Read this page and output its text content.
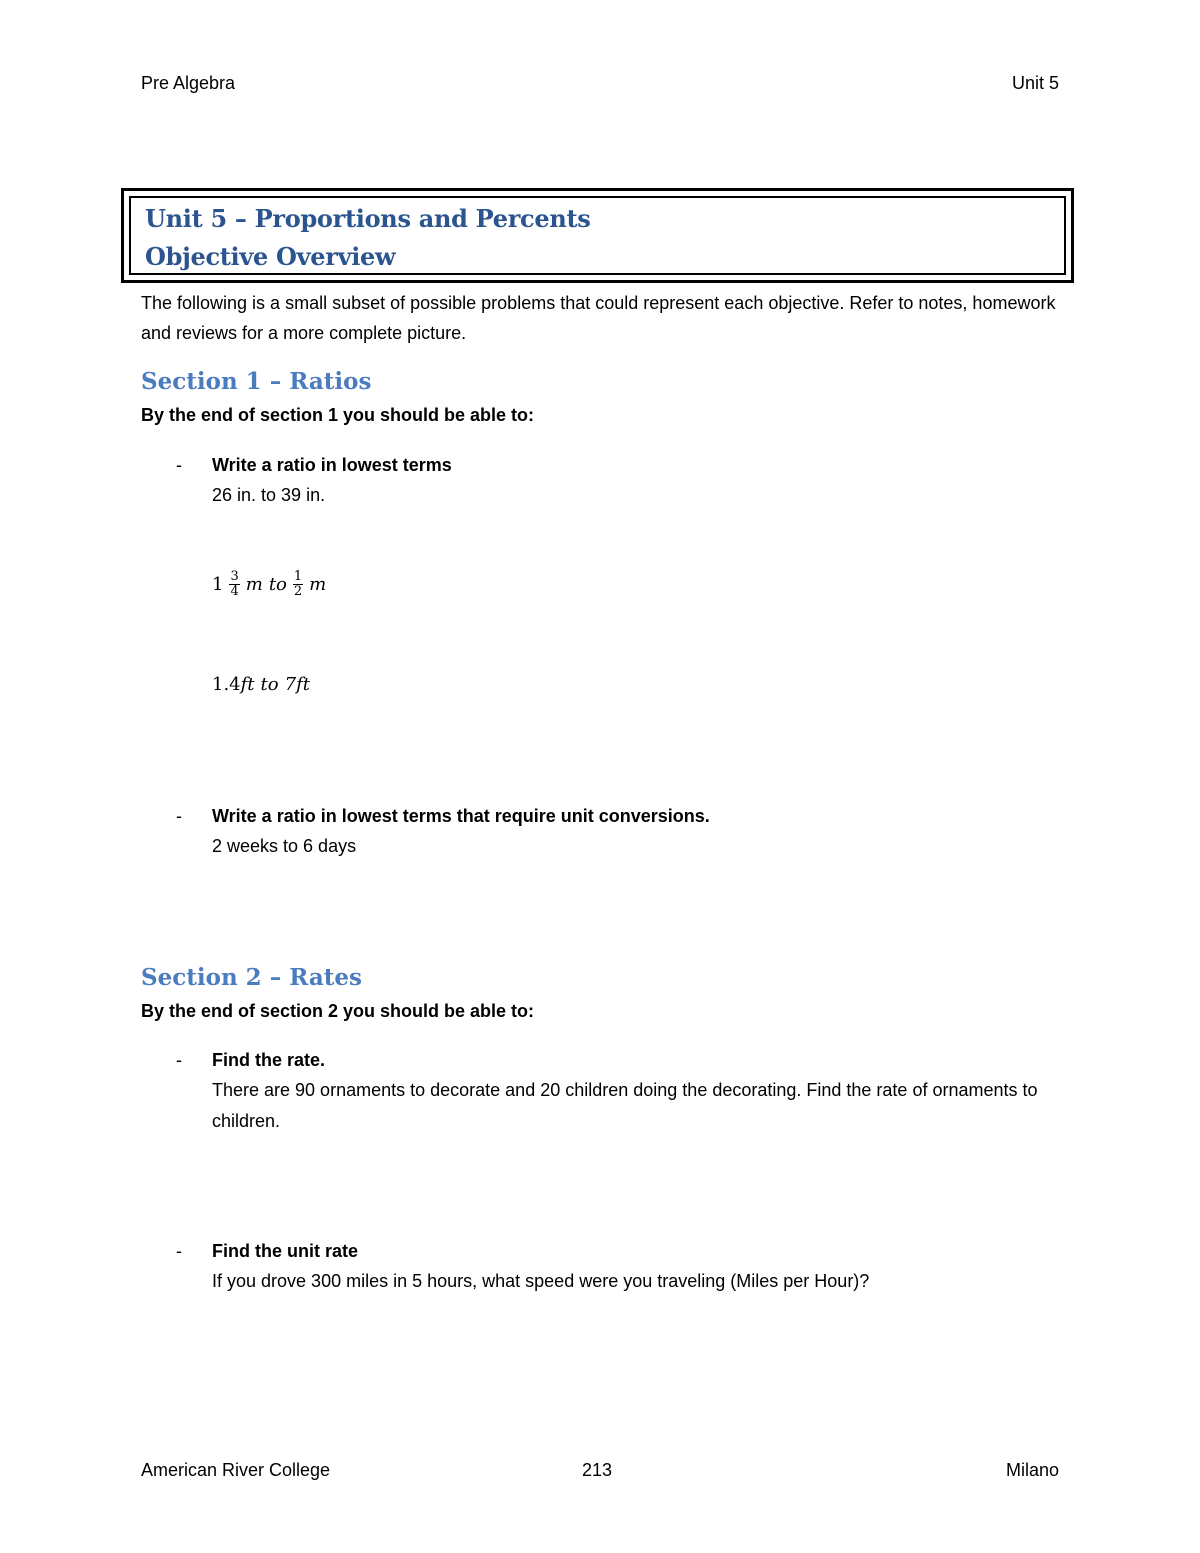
Pre Algebra	Unit 5
Unit 5 – Proportions and Percents
Objective Overview
The following is a small subset of possible problems that could represent each objective. Refer to notes, homework and reviews for a more complete picture.
Section 1 – Ratios
By the end of section 1 you should be able to:
- Write a ratio in lowest terms
26 in. to 39 in.
$1 \frac{3}{4}$ m to $\frac{1}{2}$ m
1.4 ft to 7 ft
- Write a ratio in lowest terms that require unit conversions.
2 weeks to 6 days
Section 2 – Rates
By the end of section 2 you should be able to:
- Find the rate.
There are 90 ornaments to decorate and 20 children doing the decorating. Find the rate of ornaments to children.
- Find the unit rate
If you drove 300 miles in 5 hours, what speed were you traveling (Miles per Hour)?
American River College	213	Milano
